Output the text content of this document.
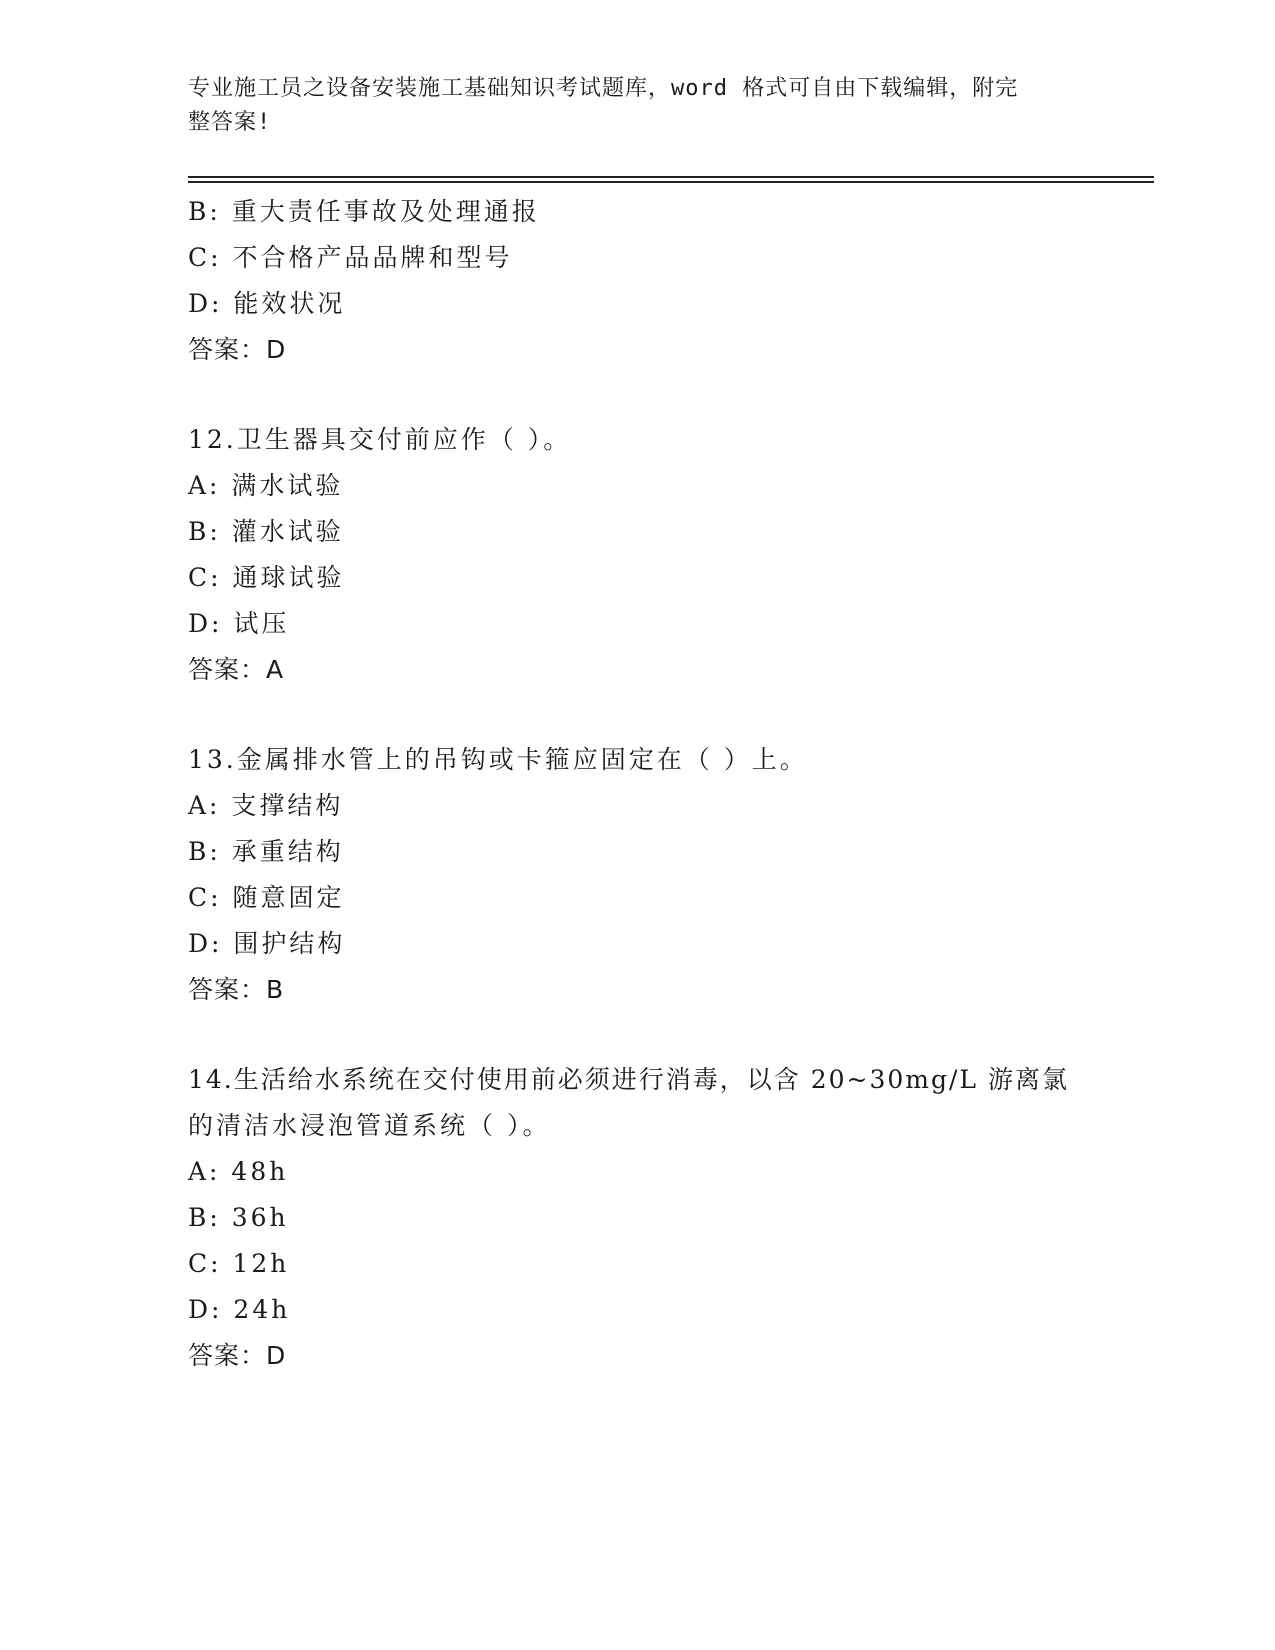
专业施工员之设备安装施工基础知识考试题库，word 格式可自由下载编辑，附完
整答案!
B: 重大责任事故及处理通报
C: 不合格产品品牌和型号
D: 能效状况
答案：D
12.卫生器具交付前应作（ ）。
A: 满水试验
B: 灌水试验
C: 通球试验
D: 试压
答案：A
13.金属排水管上的吊钩或卡箍应固定在（ ）上。
A: 支撑结构
B: 承重结构
C: 随意固定
D: 围护结构
答案：B
14.生活给水系统在交付使用前必须进行消毒，以含 20~30mg/L 游离氯
的清洁水浸泡管道系统（ ）。
A: 48h
B: 36h
C: 12h
D: 24h
答案：D
